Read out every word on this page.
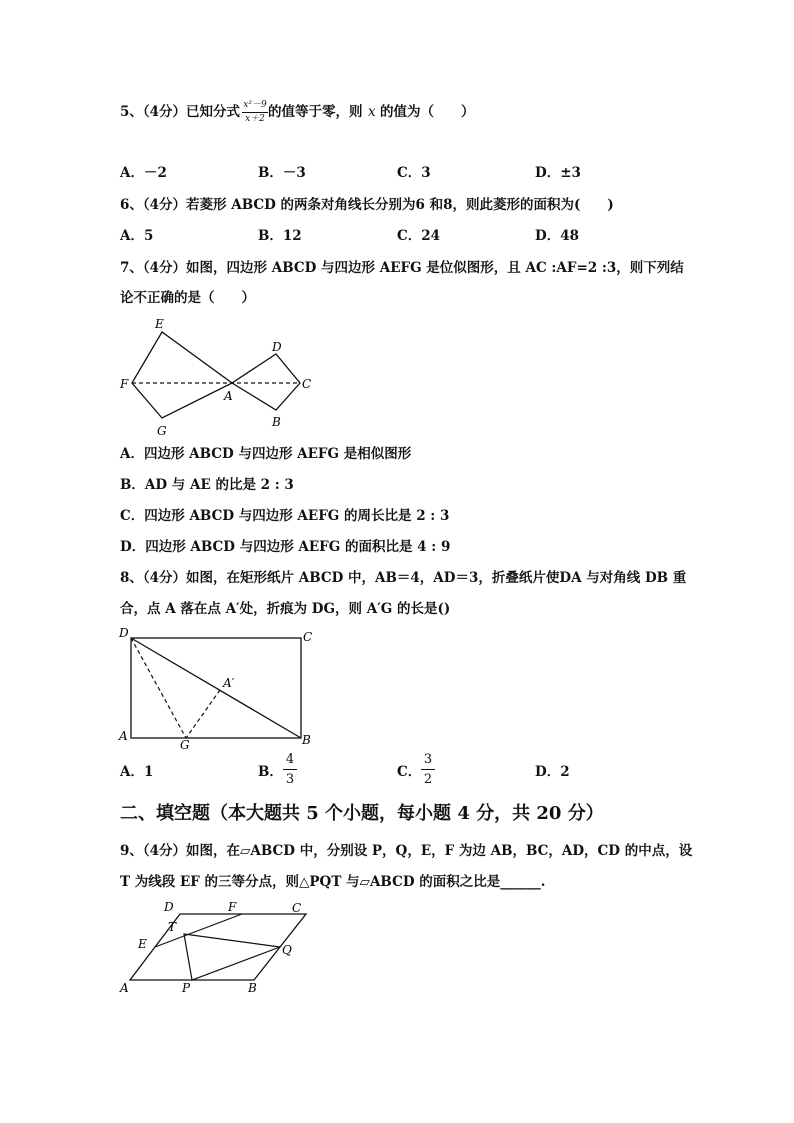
5、（4分）已知分式 x²－9
x＋2 的值等于零，则 x 的值为（　　）
A．－2	B．－3	C．3	D．±3
6、（4分）若菱形 ABCD 的两条对角线长分别为6 和8，则此菱形的面积为(　　)
A．5	B．12	C．24	D．48
7、（4分）如图，四边形 ABCD 与四边形 AEFG 是位似图形，且 AC :AF=2 :3，则下列结
论不正确的是（　　）
E
D
F
A
C
G
B
A．四边形 ABCD 与四边形 AEFG 是相似图形
B．AD 与 AE 的比是 2 : 3
C．四边形 ABCD 与四边形 AEFG 的周长比是 2 : 3
D．四边形 ABCD 与四边形 AEFG 的面积比是 4 : 9
8、（4分）如图，在矩形纸片 ABCD 中，AB＝4，AD＝3，折叠纸片使DA 与对角线 DB 重
合，点 A 落在点 A′处，折痕为 DG，则 A′G 的长是()
D	C
A′
A
G	B
A．1	B．
4
3	C．
3
2	D．2
二、填空题（本大题共 5 个小题，每小题 4 分，共 20 分）
9、（4分）如图，在▱ABCD 中，分别设 P，Q，E，F 为边 AB，BC，AD，CD 的中点，设
T 为线段 EF 的三等分点，则△PQT 与▱ABCD 的面积之比是______.
D	F	C
E
T
Q
A	P	B
